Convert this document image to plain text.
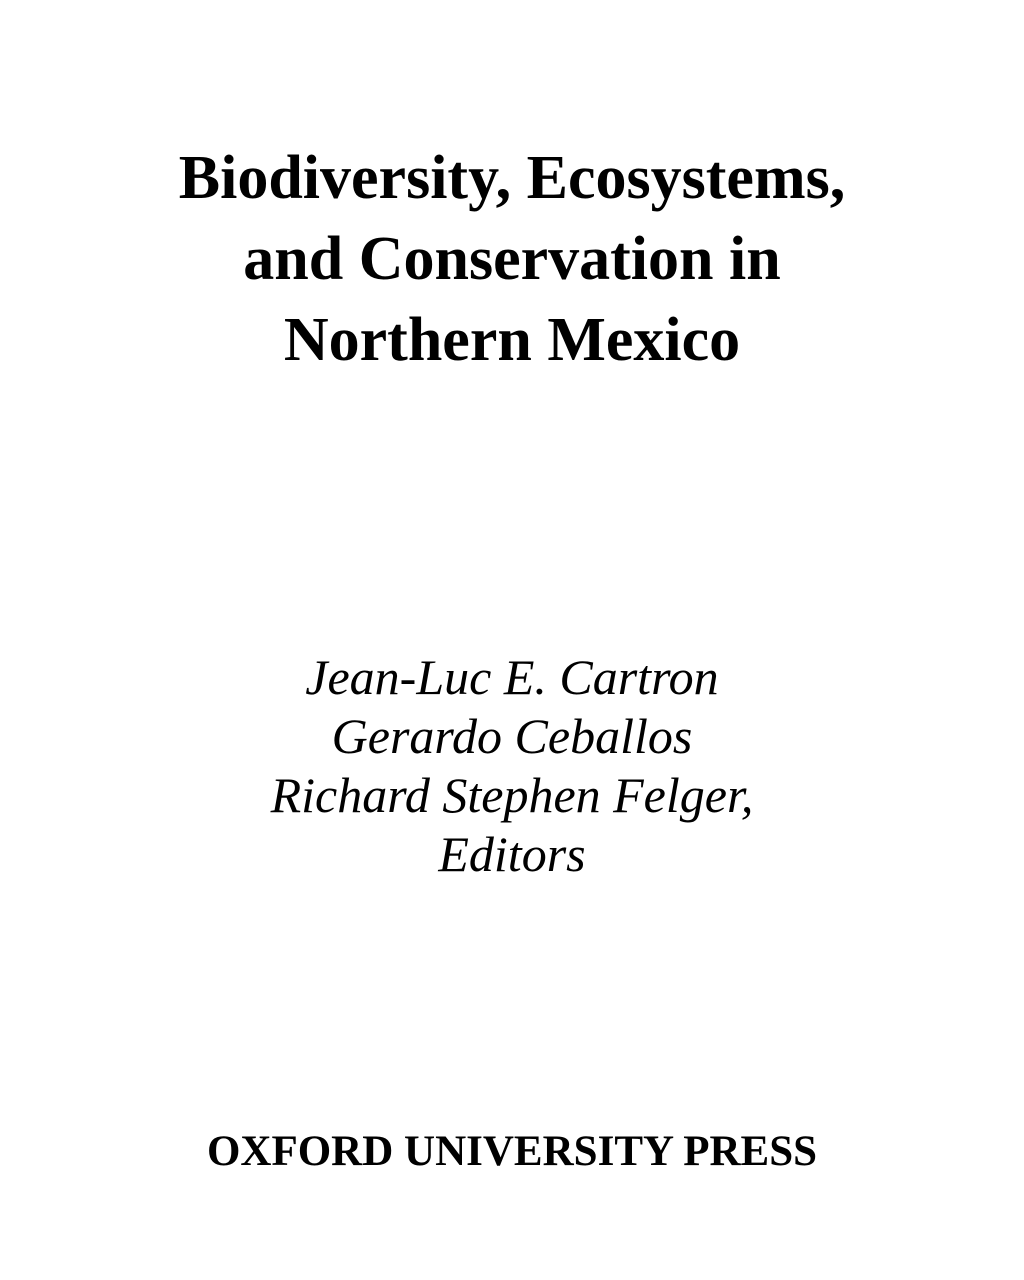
Biodiversity, Ecosystems,
and Conservation in
Northern Mexico
Jean-Luc E. Cartron
Gerardo Ceballos
Richard Stephen Felger,
Editors
OXFORD UNIVERSITY PRESS
